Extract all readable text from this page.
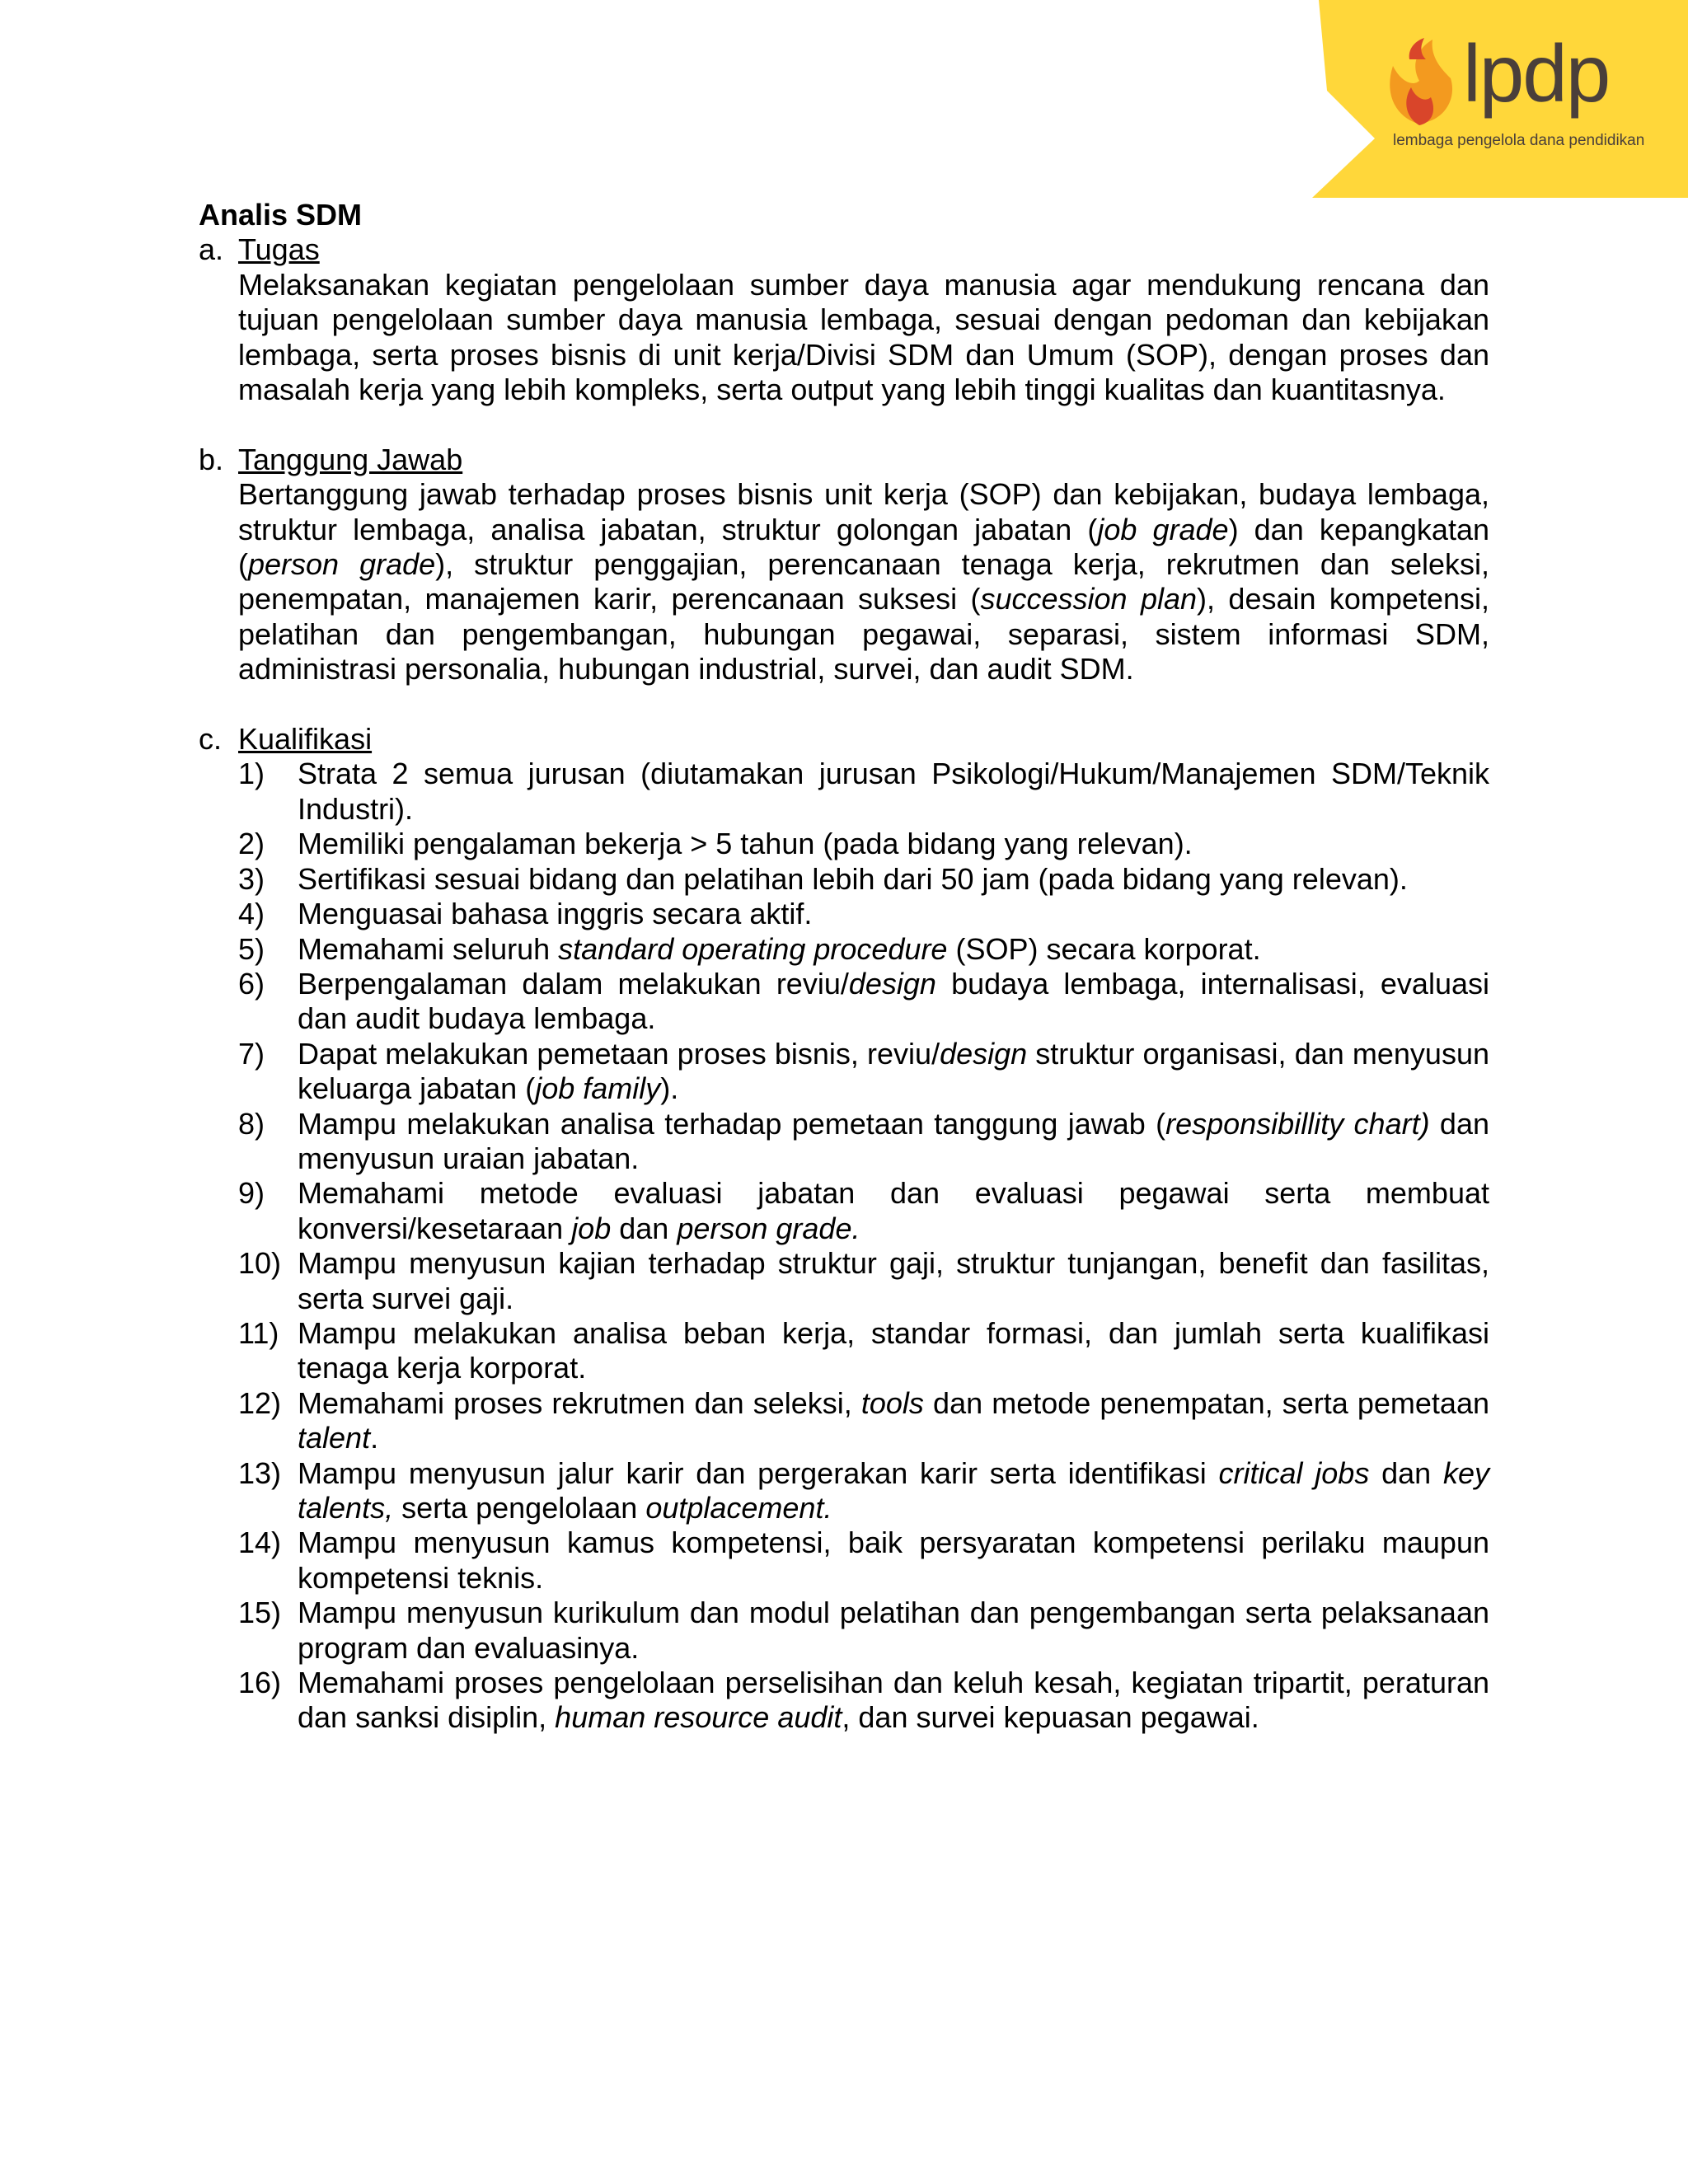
lpdp
lembaga pengelola dana pendidikan
Analis SDM
a. Tugas
Melaksanakan kegiatan pengelolaan sumber daya manusia agar mendukung rencana dan tujuan pengelolaan sumber daya manusia lembaga, sesuai dengan pedoman dan kebijakan lembaga, serta proses bisnis di unit kerja/Divisi SDM dan Umum (SOP), dengan proses dan masalah kerja yang lebih kompleks, serta output yang lebih tinggi kualitas dan kuantitasnya.
b. Tanggung Jawab
Bertanggung jawab terhadap proses bisnis unit kerja (SOP) dan kebijakan, budaya lembaga, struktur lembaga, analisa jabatan, struktur golongan jabatan (job grade) dan kepangkatan (person grade), struktur penggajian, perencanaan tenaga kerja, rekrutmen dan seleksi, penempatan, manajemen karir, perencanaan suksesi (succession plan), desain kompetensi, pelatihan dan pengembangan, hubungan pegawai, separasi, sistem informasi SDM, administrasi personalia, hubungan industrial, survei, dan audit SDM.
c. Kualifikasi
1)	Strata 2 semua jurusan (diutamakan jurusan Psikologi/Hukum/Manajemen SDM/Teknik Industri).
2)	Memiliki pengalaman bekerja > 5 tahun (pada bidang yang relevan).
3)	Sertifikasi sesuai bidang dan pelatihan lebih dari 50 jam (pada bidang yang relevan).
4)	Menguasai bahasa inggris secara aktif.
5)	Memahami seluruh standard operating procedure (SOP) secara korporat.
6)	Berpengalaman dalam melakukan reviu/design budaya lembaga, internalisasi, evaluasi dan audit budaya lembaga.
7)	Dapat melakukan pemetaan proses bisnis, reviu/design struktur organisasi, dan menyusun keluarga jabatan (job family).
8)	Mampu melakukan analisa terhadap pemetaan tanggung jawab (responsibillity chart) dan menyusun uraian jabatan.
9)	Memahami metode evaluasi jabatan dan evaluasi pegawai serta membuat konversi/kesetaraan job dan person grade.
10) Mampu menyusun kajian terhadap struktur gaji, struktur tunjangan, benefit dan fasilitas, serta survei gaji.
11) Mampu melakukan analisa beban kerja, standar formasi, dan jumlah serta kualifikasi tenaga kerja korporat.
12) Memahami proses rekrutmen dan seleksi, tools dan metode penempatan, serta pemetaan talent.
13) Mampu menyusun jalur karir dan pergerakan karir serta identifikasi critical jobs dan key talents, serta pengelolaan outplacement.
14) Mampu menyusun kamus kompetensi, baik persyaratan kompetensi perilaku maupun kompetensi teknis.
15) Mampu menyusun kurikulum dan modul pelatihan dan pengembangan serta pelaksanaan program dan evaluasinya.
16) Memahami proses pengelolaan perselisihan dan keluh kesah, kegiatan tripartit, peraturan dan sanksi disiplin, human resource audit, dan survei kepuasan pegawai.
